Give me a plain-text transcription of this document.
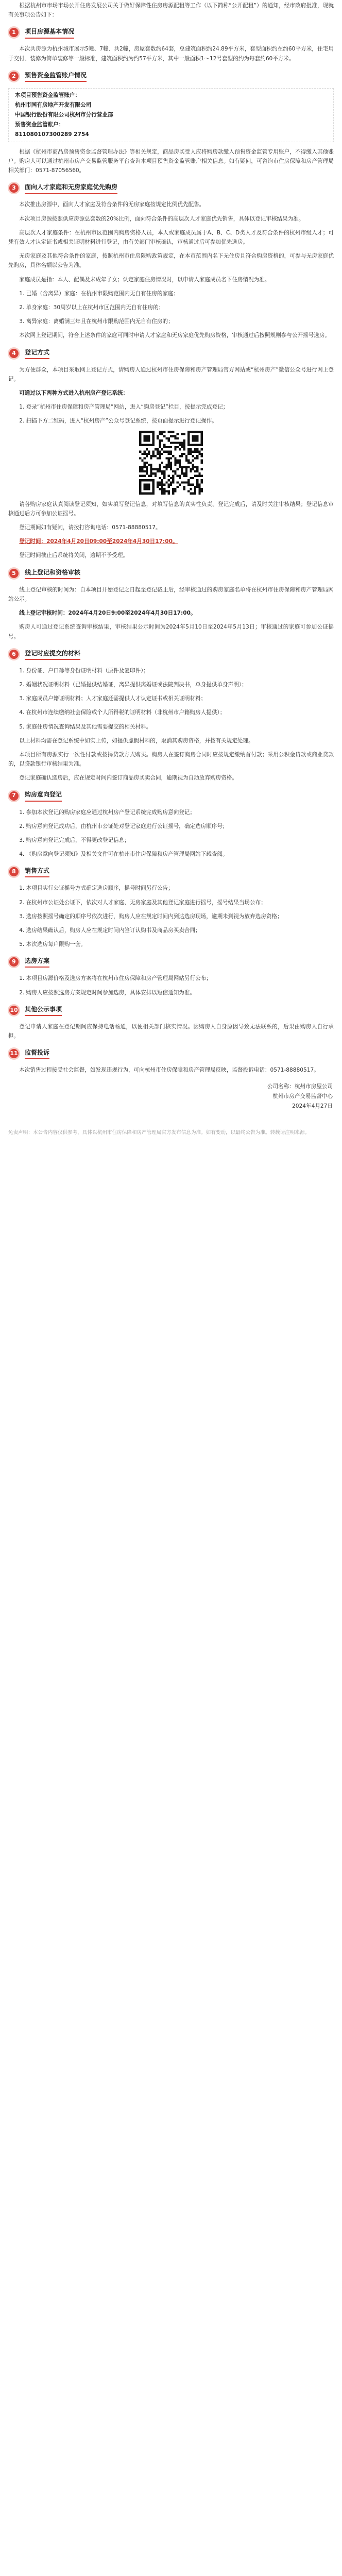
根据杭州市市场市场公开住房发展公司关于做好保障性住房房源配租等工作（以下简称“公开配租”）的通知，经市政府批准，现就有关事项公告如下：

1	项目房源基本情况

本次共房源为杭州城市展示5幢、7幢、共2幢，房屋套数约64套，总建筑面积约24.89平方米，套型面积约在约60平方米，住宅用于交付、装修为简单装修等一般标准，建筑面积约为约57平方米，其中一般面积1～12号套型的约为每套约60平方米。

2	预售资金监管账户情况

本项目预售资金监管账户：

杭州市国有房地产开发有限公司

中国银行股份有限公司杭州市分行营业部

预售资金监管账户：

811080107300289 2754

根据《杭州市商品房预售资金监督管理办法》等相关规定，商品房买受人应将购房款缴入预售资金监管专用账户，不得缴入其他账户。购房人可以通过杭州市房产交易监管服务平台查询本项目预售资金监管账户相关信息。如有疑问，可咨询市住房保障和房产管理局相关部门：0571-87056560。

3	面向人才家庭和无房家庭优先购房

本次推出房源中，面向人才家庭及符合条件的无房家庭按规定比例优先配售。

本次项目房源按照供应房源总套数的20%比例，面向符合条件的高层次人才家庭优先销售，具体以登记审核结果为准。

高层次人才家庭条件：在杭州市区范围内购房资格人员，本人或家庭成员属于A、B、C、D类人才及符合条件的杭州市级人才；可凭有效人才认定证书或相关证明材料进行登记，由有关部门审核确认，审核通过后可参加优先选房。

无房家庭及其他符合条件的家庭，按照杭州市住房限购政策规定，在本市范围内名下无住房且符合购房资格的，可参与无房家庭优先购房，具体名额以公告为准。

家庭成员是指：本人、配偶及未成年子女；认定家庭住房情况时，以申请人家庭成员名下住房情况为准。

1. 已婚（含离异）家庭：在杭州市限购范围内无自有住房的家庭；

2. 单身家庭：30周岁以上在杭州市区范围内无自有住房的；

3. 离异家庭：离婚满三年且在杭州市限购范围内无自有住房的；

本次网上登记期间，符合上述条件的家庭可同时申请人才家庭和无房家庭优先购房资格，审核通过后按照规则参与公开摇号选房。

4	登记方式

为方便群众，本项目采取网上登记方式，请购房人通过杭州市住房保障和房产管理局官方网站或“杭州房产”微信公众号进行网上登记。

可通过以下两种方式进入杭州房产登记系统：

1. 登录“杭州市住房保障和房产管理局”网站，进入“购房登记”栏目，按提示完成登记；

2. 扫描下方二维码，进入“杭州房产”公众号登记系统，按页面提示进行登记操作。

请各购房家庭认真阅读登记须知，如实填写登记信息，对填写信息的真实性负责。登记完成后，请及时关注审核结果；登记信息审核通过后方可参加公证摇号。

登记期间如有疑问，请拨打咨询电话：0571-88880517。

登记时间：2024年4月20日09:00至2024年4月30日17:00。

登记时间截止后系统将关闭，逾期不予受理。

5	线上登记和资格审核

线上登记审核的时间为：自本项目开始登记之日起至登记截止后，经审核通过的购房家庭名单将在杭州市住房保障和房产管理局网站公示。

线上登记审核时间：2024年4月20日9:00至2024年4月30日17:00。

购房人可通过登记系统查询审核结果，审核结果公示时间为2024年5月10日至2024年5月13日；审核通过的家庭可参加公证摇号。

6	登记时应提交的材料

1. 身份证、户口簿等身份证明材料（原件及复印件）；

2. 婚姻状况证明材料（已婚提供结婚证，离异提供离婚证或法院判决书，单身提供单身声明）；

3. 家庭成员户籍证明材料；人才家庭还需提供人才认定证书或相关证明材料；

4. 在杭州市连续缴纳社会保险或个人所得税的证明材料（非杭州市户籍购房人提供）；

5. 家庭住房情况查询结果及其他需要提交的相关材料。

以上材料均需在登记系统中如实上传，如提供虚假材料的，取消其购房资格，并按有关规定处理。

本项目所有房源实行一次性付款或按揭贷款方式购买。购房人在签订购房合同时应按规定缴纳首付款；采用公积金贷款或商业贷款的，以贷款银行审核结果为准。

登记家庭确认选房后，应在规定时间内签订商品房买卖合同，逾期视为自动放弃购房资格。

7	购房意向登记

1. 参加本次登记的购房家庭应通过杭州房产登记系统完成购房意向登记；

2. 购房意向登记成功后，由杭州市公证处对登记家庭进行公证摇号，确定选房顺序号；

3. 购房意向登记完成后，不得更改登记信息；

4. 《购房意向登记须知》及相关文件可在杭州市住房保障和房产管理局网站下载查阅。

8	销售方式

1. 本项目实行公证摇号方式确定选房顺序，摇号时间另行公告；

2. 在杭州市公证处公证下，依次对人才家庭、无房家庭及其他登记家庭进行摇号，摇号结果当场公布；

3. 选房按照摇号确定的顺序号依次进行，购房人应在规定时间内到达选房现场，逾期未到视为放弃选房资格；

4. 选房结果确认后，购房人应在规定时间内签订认购书及商品房买卖合同；

5. 本次选房每户限购一套。

9	选房方案

1. 本项目房源价格及选房方案将在杭州市住房保障和房产管理局网站另行公布；

2. 购房人应按照选房方案规定时间参加选房，具体安排以短信通知为准。

10 其他公示事项

登记申请人家庭在登记期间应保持电话畅通，以便相关部门核实情况。因购房人自身原因导致无法联系的，后果由购房人自行承担。

11 监督投诉

本次销售过程接受社会监督，如发现违规行为，可向杭州市住房保障和房产管理局反映，监督投诉电话：0571-88880517。

公司名称：杭州市房屋公司
杭州市房产交易监督中心
2024年4月27日

免责声明：本公告内容仅供参考，具体以杭州市住房保障和房产管理局官方发布信息为准。如有变动，以最终公告为准。转载请注明来源。
